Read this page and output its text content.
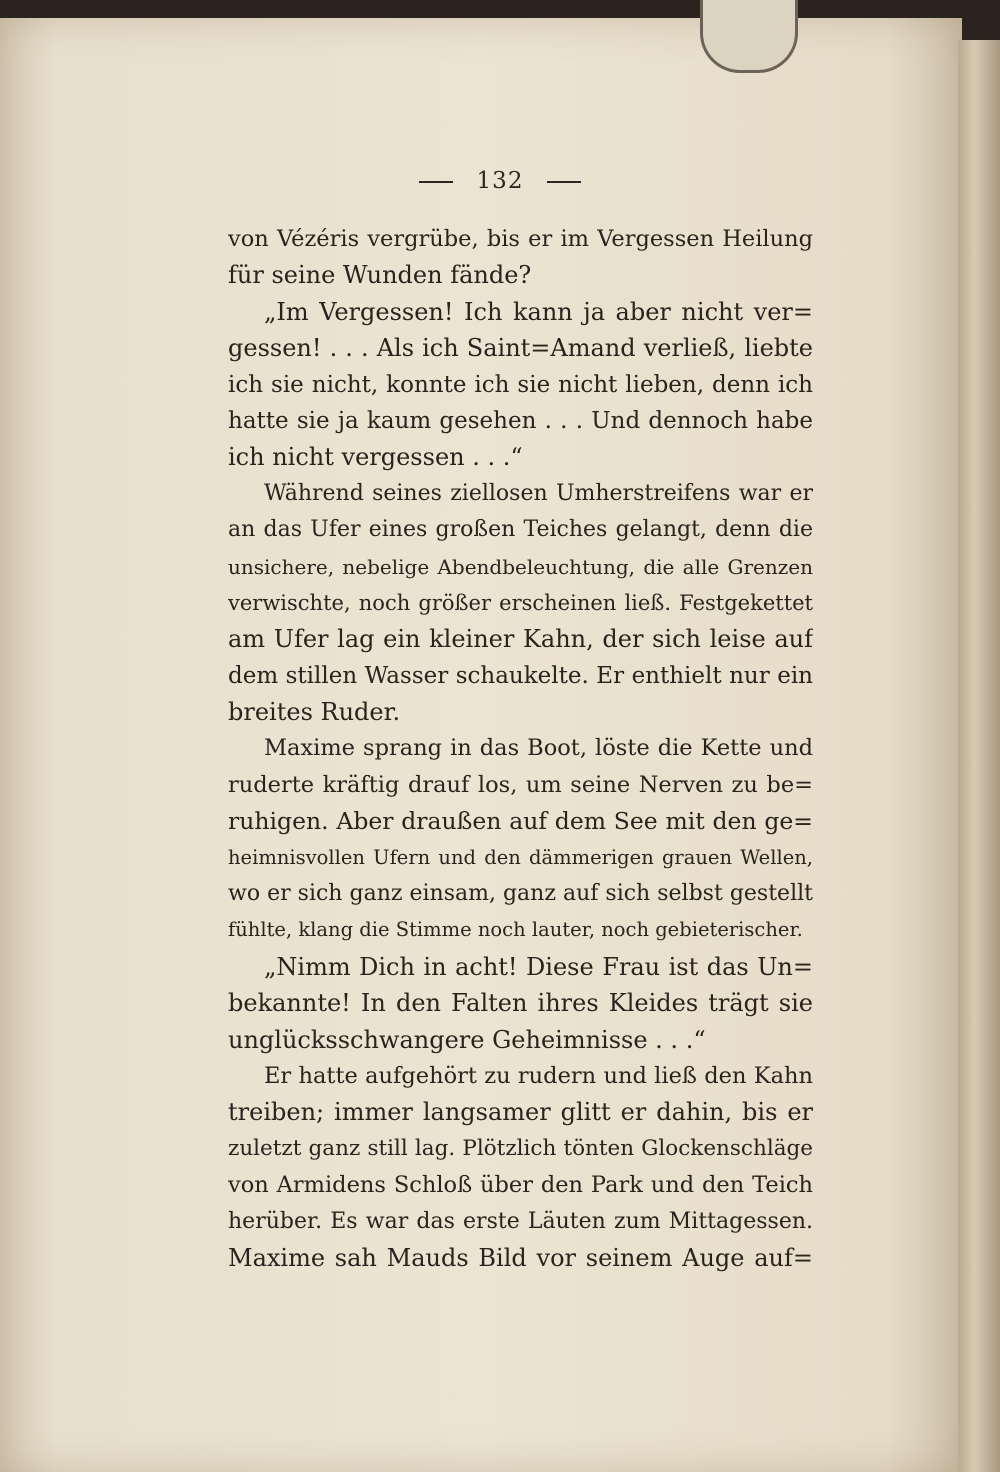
132
von Vézéris vergrübe, bis er im Vergessen Heilung
für seine Wunden fände?
„Im Vergessen! Ich kann ja aber nicht ver=
gessen! . . . Als ich Saint=Amand verließ, liebte
ich sie nicht, konnte ich sie nicht lieben, denn ich
hatte sie ja kaum gesehen . . . Und dennoch habe
ich nicht vergessen . . .“
Während seines ziellosen Umherstreifens war er
an das Ufer eines großen Teiches gelangt, denn die
unsichere, nebelige Abendbeleuchtung, die alle Grenzen
verwischte, noch größer erscheinen ließ. Festgekettet
am Ufer lag ein kleiner Kahn, der sich leise auf
dem stillen Wasser schaukelte. Er enthielt nur ein
breites Ruder.
Maxime sprang in das Boot, löste die Kette und
ruderte kräftig drauf los, um seine Nerven zu be=
ruhigen. Aber draußen auf dem See mit den ge=
heimnisvollen Ufern und den dämmerigen grauen Wellen,
wo er sich ganz einsam, ganz auf sich selbst gestellt
fühlte, klang die Stimme noch lauter, noch gebieterischer.
„Nimm Dich in acht! Diese Frau ist das Un=
bekannte! In den Falten ihres Kleides trägt sie
unglücksschwangere Geheimnisse . . .“
Er hatte aufgehört zu rudern und ließ den Kahn
treiben; immer langsamer glitt er dahin, bis er
zuletzt ganz still lag. Plötzlich tönten Glockenschläge
von Armidens Schloß über den Park und den Teich
herüber. Es war das erste Läuten zum Mittagessen.
Maxime sah Mauds Bild vor seinem Auge auf=
